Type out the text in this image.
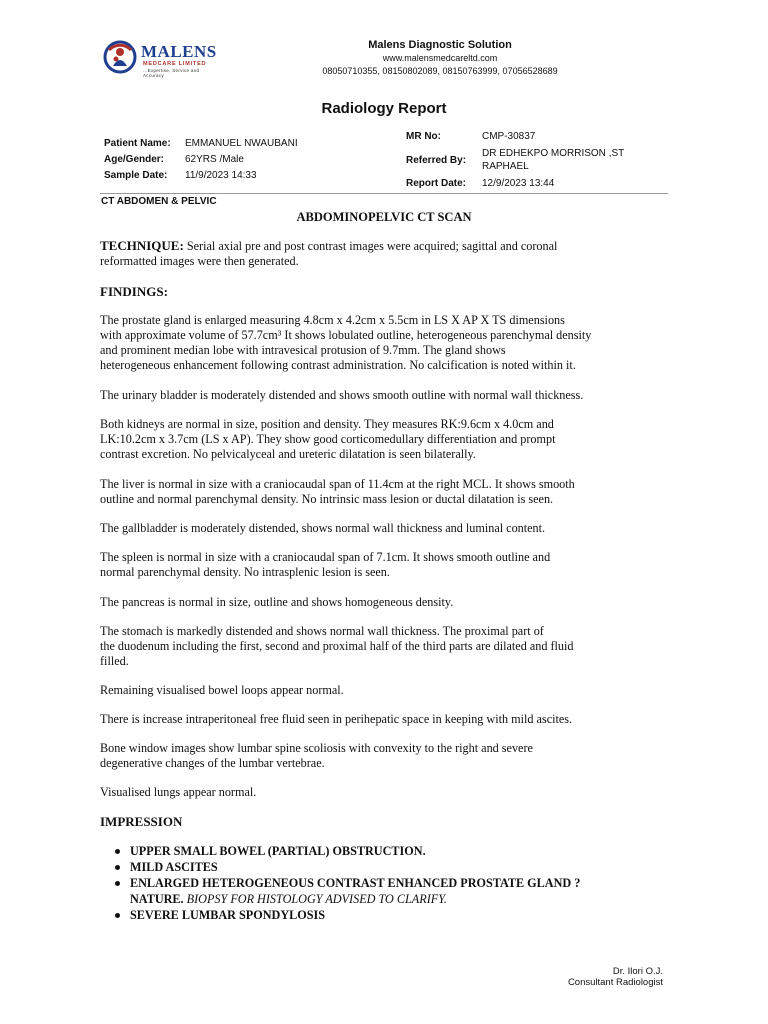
MALENS
MEDCARE LIMITED
...Expertise, Service and Accuracy
Malens Diagnostic Solution
www.malensmedcareltd.com
08050710355, 08150802089, 08150763999, 07056528689
Radiology Report
Patient Name: EMMANUEL NWAUBANI
Age/Gender: 62YRS /Male
Sample Date: 11/9/2023 14:33
MR No:	CMP-30837
Referred By:
DR EDHEKPO MORRISON ,ST
RAPHAEL
Report Date: 12/9/2023 13:44
CT ABDOMEN & PELVIC
ABDOMINOPELVIC CT SCAN
TECHNIQUE: Serial axial pre and post contrast images were acquired; sagittal and coronal
reformatted images were then generated.
FINDINGS:
The prostate gland is enlarged measuring 4.8cm x 4.2cm x 5.5cm in LS X AP X TS dimensions
with approximate volume of 57.7cm³ It shows lobulated outline, heterogeneous parenchymal density
and prominent median lobe with intravesical protusion of 9.7mm. The gland shows
heterogeneous enhancement following contrast administration. No calcification is noted within it.
The urinary bladder is moderately distended and shows smooth outline with normal wall thickness.
Both kidneys are normal in size, position and density. They measures RK:9.6cm x 4.0cm and
LK:10.2cm x 3.7cm (LS x AP). They show good corticomedullary differentiation and prompt
contrast excretion. No pelvicalyceal and ureteric dilatation is seen bilaterally.
The liver is normal in size with a craniocaudal span of 11.4cm at the right MCL. It shows smooth
outline and normal parenchymal density. No intrinsic mass lesion or ductal dilatation is seen.
The gallbladder is moderately distended, shows normal wall thickness and luminal content.
The spleen is normal in size with a craniocaudal span of 7.1cm. It shows smooth outline and
normal parenchymal density. No intrasplenic lesion is seen.
The pancreas is normal in size, outline and shows homogeneous density.
The stomach is markedly distended and shows normal wall thickness. The proximal part of
the duodenum including the first, second and proximal half of the third parts are dilated and fluid
filled.
Remaining visualised bowel loops appear normal.
There is increase intraperitoneal free fluid seen in perihepatic space in keeping with mild ascites.
Bone window images show lumbar spine scoliosis with convexity to the right and severe
degenerative changes of the lumbar vertebrae.
Visualised lungs appear normal.
IMPRESSION
UPPER SMALL BOWEL (PARTIAL) OBSTRUCTION.
MILD ASCITES
ENLARGED HETEROGENEOUS CONTRAST ENHANCED PROSTATE GLAND ?
NATURE. BIOPSY FOR HISTOLOGY ADVISED TO CLARIFY.
SEVERE LUMBAR SPONDYLOSIS
Dr. Ilori O.J.
Consultant Radiologist
